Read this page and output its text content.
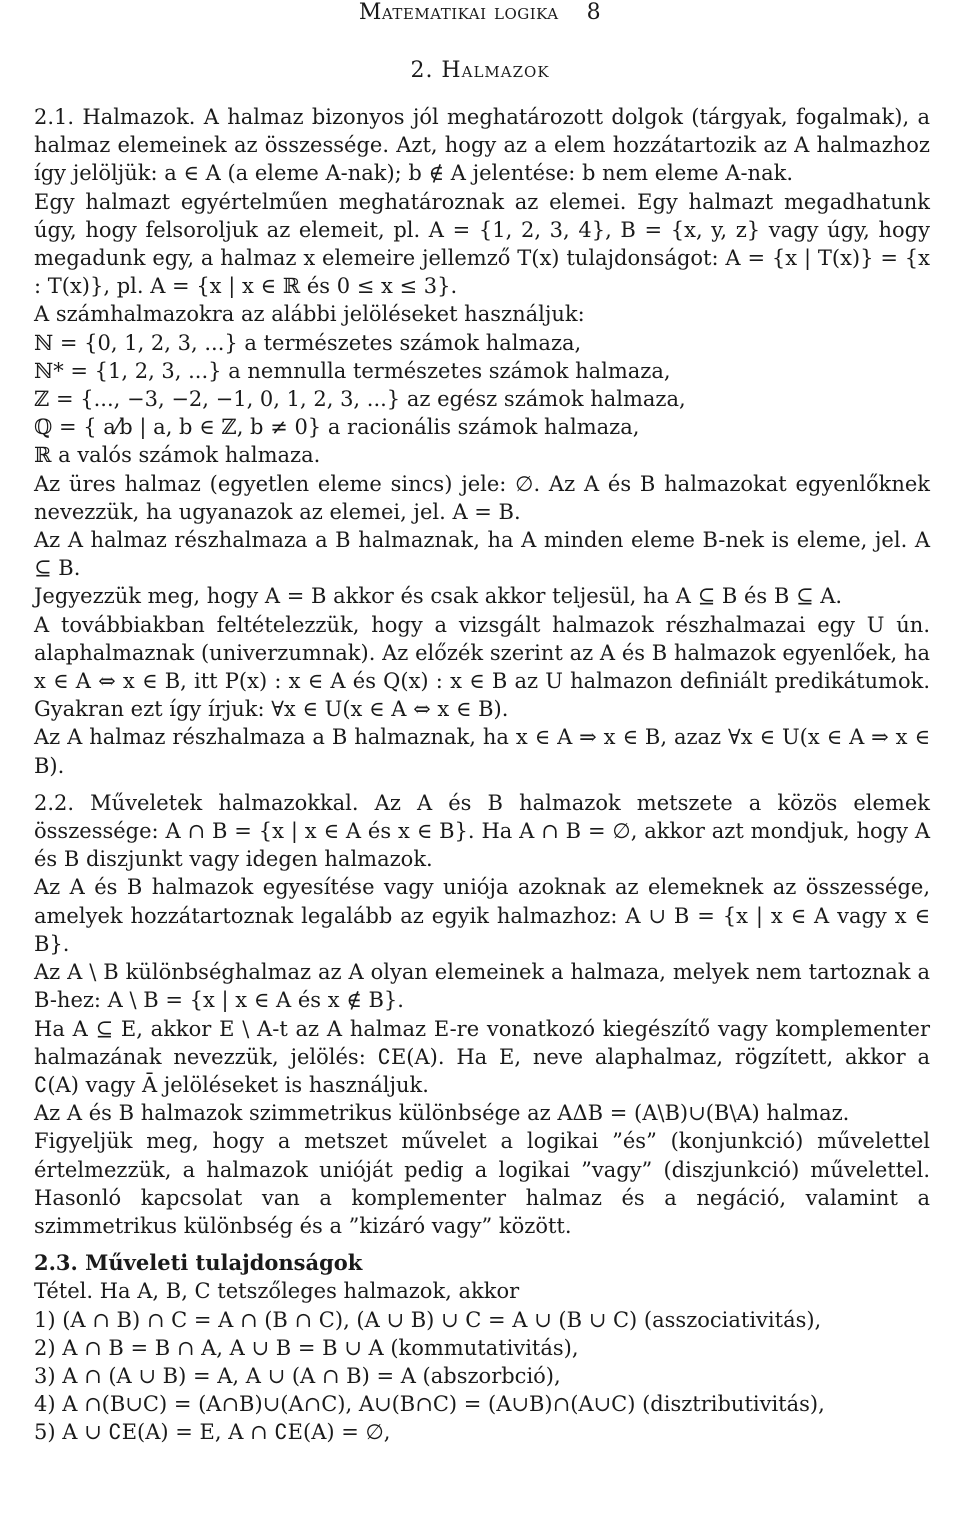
Matematikai logika 8
2. Halmazok

2.1. Halmazok. A halmaz bizonyos jól meghatározott dolgok (tárgyak, fogalmak), a halmaz elemeinek az összessége. Azt, hogy az a elem hozzátartozik az A halmazhoz így jelöljük: a ∈ A (a eleme A-nak); b ∉ A jelentése: b nem eleme A-nak.

Egy halmazt egyértelműen meghatároznak az elemei. Egy halmazt megadhatunk úgy, hogy felsoroljuk az elemeit, pl. A = {1, 2, 3, 4}, B = {x, y, z} vagy úgy, hogy megadunk egy, a halmaz x elemeire jellemző T(x) tulajdonságot: A = {x | T(x)} = {x : T(x)}, pl. A = {x | x ∈ ℝ és 0 ≤ x ≤ 3}.

A számhalmazokra az alábbi jelöléseket használjuk:

ℕ = {0, 1, 2, 3, ...} a természetes számok halmaza,

ℕ* = {1, 2, 3, ...} a nemnulla természetes számok halmaza,

ℤ = {..., −3, −2, −1, 0, 1, 2, 3, ...} az egész számok halmaza,

ℚ = { a⁄b | a, b ∈ ℤ, b ≠ 0} a racionális számok halmaza,

ℝ a valós számok halmaza.

Az üres halmaz (egyetlen eleme sincs) jele: ∅. Az A és B halmazokat egyenlőknek nevezzük, ha ugyanazok az elemei, jel. A = B.

Az A halmaz részhalmaza a B halmaznak, ha A minden eleme B-nek is eleme, jel. A ⊆ B.

Jegyezzük meg, hogy A = B akkor és csak akkor teljesül, ha A ⊆ B és B ⊆ A.

A továbbiakban feltételezzük, hogy a vizsgált halmazok részhalmazai egy U ún. alaphalmaznak (univerzumnak). Az előzék szerint az A és B halmazok egyenlőek, ha x ∈ A ⇔ x ∈ B, itt P(x) : x ∈ A és Q(x) : x ∈ B az U halmazon definiált predikátumok. Gyakran ezt így írjuk: ∀x ∈ U(x ∈ A ⇔ x ∈ B).

Az A halmaz részhalmaza a B halmaznak, ha x ∈ A ⇒ x ∈ B, azaz ∀x ∈ U(x ∈ A ⇒ x ∈ B).

2.2. Műveletek halmazokkal. Az A és B halmazok metszete a közös elemek összessége: A ∩ B = {x | x ∈ A és x ∈ B}. Ha A ∩ B = ∅, akkor azt mondjuk, hogy A és B diszjunkt vagy idegen halmazok.

Az A és B halmazok egyesítése vagy uniója azoknak az elemeknek az összessége, amelyek hozzátartoznak legalább az egyik halmazhoz: A ∪ B = {x | x ∈ A vagy x ∈ B}.

Az A \ B különbséghalmaz az A olyan elemeinek a halmaza, melyek nem tartoznak a B-hez: A \ B = {x | x ∈ A és x ∉ B}.

Ha A ⊆ E, akkor E \ A-t az A halmaz E-re vonatkozó kiegészítő vagy komplementer halmazának nevezzük, jelölés: ∁E(A). Ha E, neve alaphalmaz, rögzített, akkor a ∁(A) vagy Ā jelöléseket is használjuk.

Az A és B halmazok szimmetrikus különbsége az AΔB = (A\B)∪(B\A) halmaz.

Figyeljük meg, hogy a metszet művelet a logikai ”és” (konjunkció) művelettel értelmezzük, a halmazok unióját pedig a logikai ”vagy” (diszjunkció) művelettel. Hasonló kapcsolat van a komplementer halmaz és a negáció, valamint a szimmetrikus különbség és a ”kizáró vagy” között.

2.3. Műveleti tulajdonságok

Tétel. Ha A, B, C tetszőleges halmazok, akkor

1) (A ∩ B) ∩ C = A ∩ (B ∩ C), (A ∪ B) ∪ C = A ∪ (B ∪ C) (asszociativitás),

2) A ∩ B = B ∩ A, A ∪ B = B ∪ A (kommutativitás),

3) A ∩ (A ∪ B) = A, A ∪ (A ∩ B) = A (abszorbció),

4) A ∩(B∪C) = (A∩B)∪(A∩C), A∪(B∩C) = (A∪B)∩(A∪C) (disztributivitás),

5) A ∪ ∁E(A) = E, A ∩ ∁E(A) = ∅,
